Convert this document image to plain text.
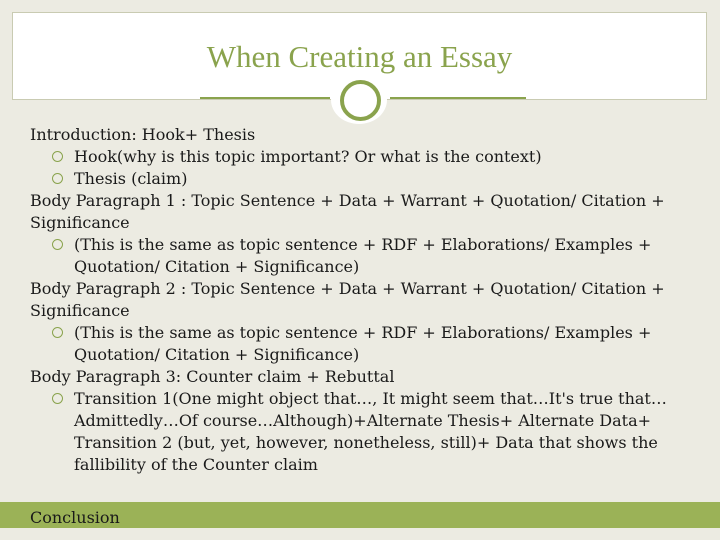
When Creating an Essay

Introduction: Hook+ Thesis

Hook(why is this topic important? Or what is the context)
Thesis (claim)

Body Paragraph 1 : Topic Sentence + Data + Warrant + Quotation/ Citation + Significance

(This is the same as topic sentence + RDF + Elaborations/ Examples + Quotation/ Citation + Significance)

Body Paragraph 2 : Topic Sentence + Data + Warrant + Quotation/ Citation + Significance

(This is the same as topic sentence + RDF + Elaborations/ Examples + Quotation/ Citation + Significance)

Body Paragraph 3: Counter claim + Rebuttal

Transition 1(One might object that…, It might seem that…It's true that…Admittedly…Of course…Although)+Alternate Thesis+ Alternate Data+ Transition 2 (but, yet, however, nonetheless, still)+ Data that shows the fallibility of the Counter claim
Conclusion
